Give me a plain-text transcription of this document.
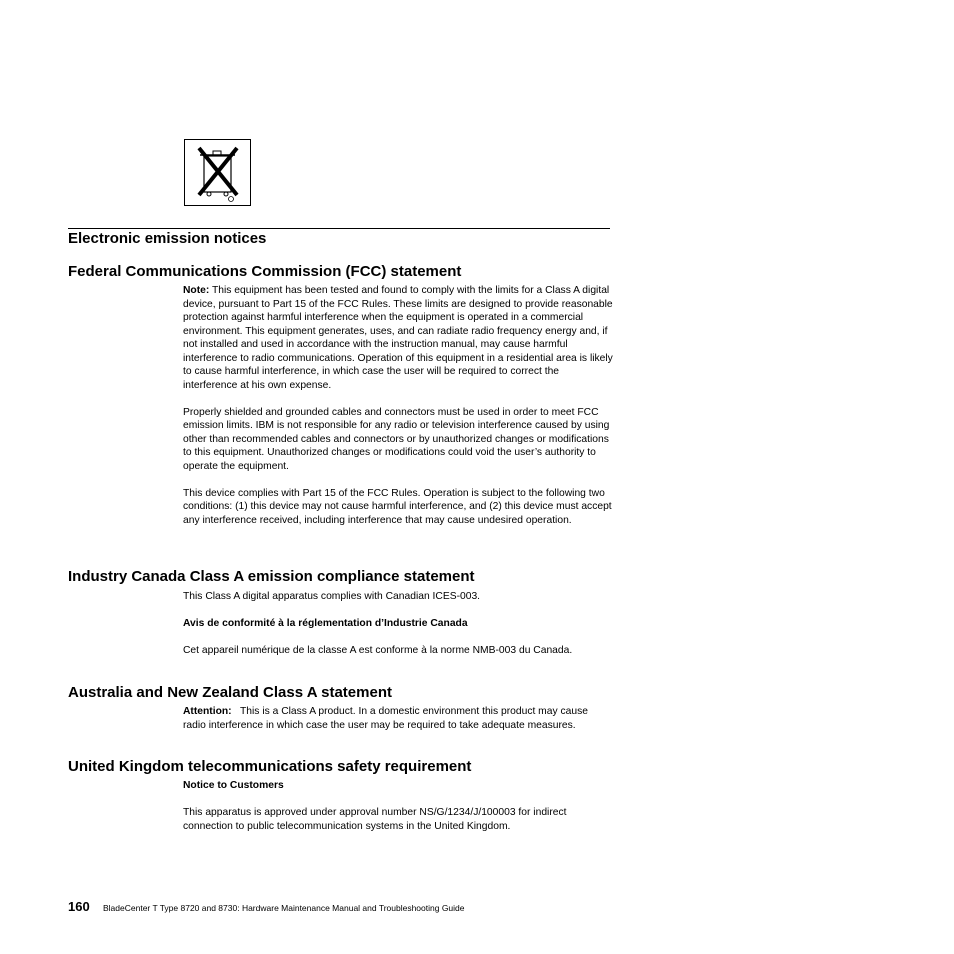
Electronic emission notices
Federal Communications Commission (FCC) statement

Note: This equipment has been tested and found to comply with the limits for a Class A digital device, pursuant to Part 15 of the FCC Rules. These limits are designed to provide reasonable protection against harmful interference when the equipment is operated in a commercial environment. This equipment generates, uses, and can radiate radio frequency energy and, if not installed and used in accordance with the instruction manual, may cause harmful interference to radio communications. Operation of this equipment in a residential area is likely to cause harmful interference, in which case the user will be required to correct the interference at his own expense.

Properly shielded and grounded cables and connectors must be used in order to meet FCC emission limits. IBM is not responsible for any radio or television interference caused by using other than recommended cables and connectors or by unauthorized changes or modifications to this equipment. Unauthorized changes or modifications could void the user’s authority to operate the equipment.

This device complies with Part 15 of the FCC Rules. Operation is subject to the following two conditions: (1) this device may not cause harmful interference, and (2) this device must accept any interference received, including interference that may cause undesired operation.

Industry Canada Class A emission compliance statement

This Class A digital apparatus complies with Canadian ICES-003.

Avis de conformité à la réglementation d’Industrie Canada

Cet appareil numérique de la classe A est conforme à la norme NMB-003 du Canada.

Australia and New Zealand Class A statement

Attention:   This is a Class A product. In a domestic environment this product may cause radio interference in which case the user may be required to take adequate measures.

United Kingdom telecommunications safety requirement

Notice to Customers

This apparatus is approved under approval number NS/G/1234/J/100003 for indirect connection to public telecommunication systems in the United Kingdom.

160 BladeCenter T Type 8720 and 8730: Hardware Maintenance Manual and Troubleshooting Guide
